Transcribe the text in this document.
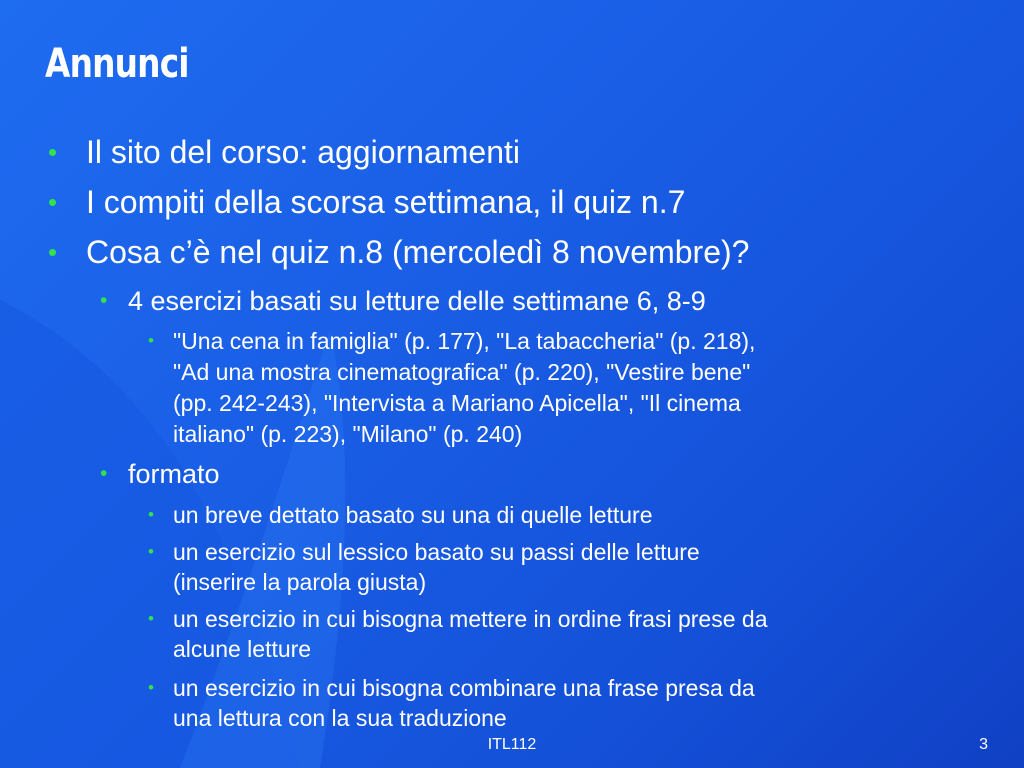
Annunci
• Il sito del corso: aggiornamenti
• I compiti della scorsa settimana, il quiz n.7
• Cosa c’è nel quiz n.8 (mercoledì 8 novembre)?
• 4 esercizi basati su letture delle settimane 6, 8-9
• "Una cena in famiglia" (p. 177), "La tabaccheria" (p. 218),
"Ad una mostra cinematografica" (p. 220), "Vestire bene"
(pp. 242-243), "Intervista a Mariano Apicella", "Il cinema
italiano" (p. 223), "Milano" (p. 240)
• formato
• un breve dettato basato su una di quelle letture
• un esercizio sul lessico basato su passi delle letture
(inserire la parola giusta)
• un esercizio in cui bisogna mettere in ordine frasi prese da
alcune letture
• un esercizio in cui bisogna combinare una frase presa da
una lettura con la sua traduzione
ITL112	3
